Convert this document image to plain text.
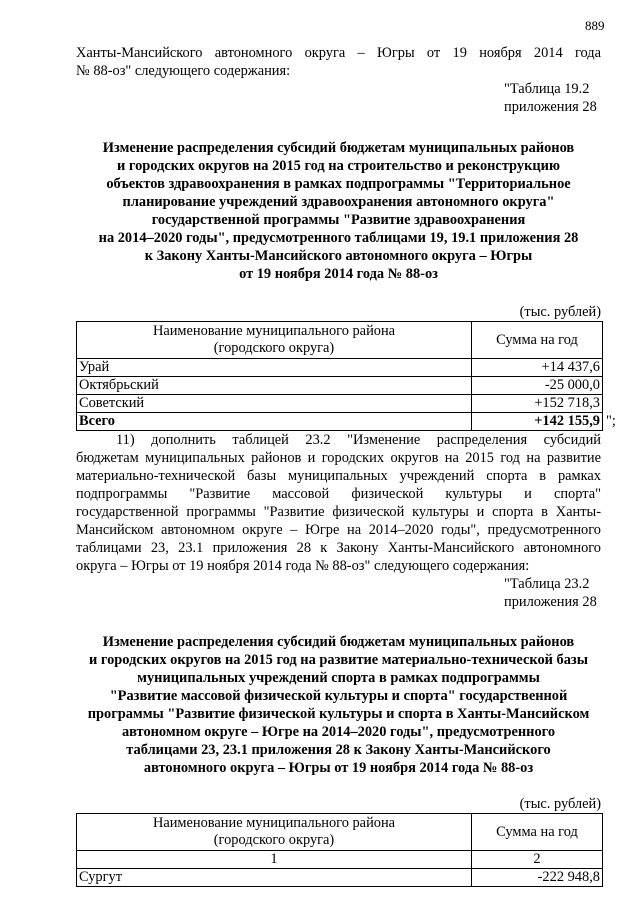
889

Ханты-Мансийского автономного округа – Югры от 19 ноября 2014 года

№ 88-оз" следующего содержания:

"Таблица 19.2

приложения 28

Изменение распределения субсидий бюджетам муниципальных районов

и городских округов на 2015 год на строительство и реконструкцию

объектов здравоохранения в рамках подпрограммы "Территориальное

планирование учреждений здравоохранения автономного округа"

государственной программы "Развитие здравоохранения

на 2014–2020 годы", предусмотренного таблицами 19, 19.1 приложения 28

к Закону Ханты-Мансийского автономного округа – Югры

от 19 ноября 2014 года № 88-оз

(тыс. рублей)

Наименование муниципального района
(городского округа)	Сумма на год
Урай	+14 437,6
Октябрьский	-25 000,0
Советский	+152 718,3
Всего	+142 155,9 ";

11) дополнить таблицей 23.2 "Изменение распределения субсидий

бюджетам муниципальных районов и городских округов на 2015 год на развитие

материально-технической базы муниципальных учреждений спорта в рамках

подпрограммы "Развитие массовой физической культуры и спорта"

государственной программы "Развитие физической культуры и спорта в Ханты-

Мансийском автономном округе – Югре на 2014–2020 годы", предусмотренного

таблицами 23, 23.1 приложения 28 к Закону Ханты-Мансийского автономного

округа – Югры от 19 ноября 2014 года № 88-оз" следующего содержания:

"Таблица 23.2

приложения 28

Изменение распределения субсидий бюджетам муниципальных районов

и городских округов на 2015 год на развитие материально-технической базы

муниципальных учреждений спорта в рамках подпрограммы

"Развитие массовой физической культуры и спорта" государственной

программы "Развитие физической культуры и спорта в Ханты-Мансийском

автономном округе – Югре на 2014–2020 годы", предусмотренного

таблицами 23, 23.1 приложения 28 к Закону Ханты-Мансийского

автономного округа – Югры от 19 ноября 2014 года № 88-оз

(тыс. рублей)

Наименование муниципального района
(городского округа)	Сумма на год
1	2
Сургут	-222 948,8
